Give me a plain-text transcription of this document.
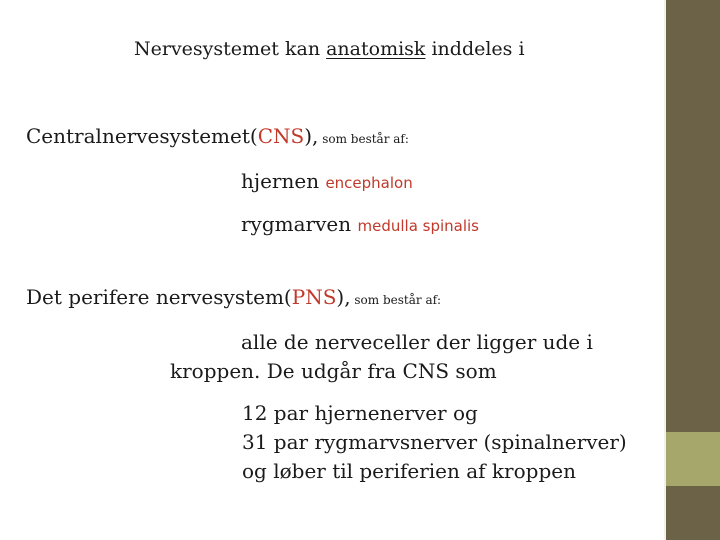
Nervesystemet kan anatomisk inddeles i
Centralnervesystemet(CNS), som består af:
hjernen encephalon
rygmarven medulla spinalis
Det perifere nervesystem(PNS), som består af:
alle de nerveceller der ligger ude i
kroppen. De udgår fra CNS som
12 par hjernenerver og
31 par rygmarvsnerver (spinalnerver)
og løber til periferien af kroppen
